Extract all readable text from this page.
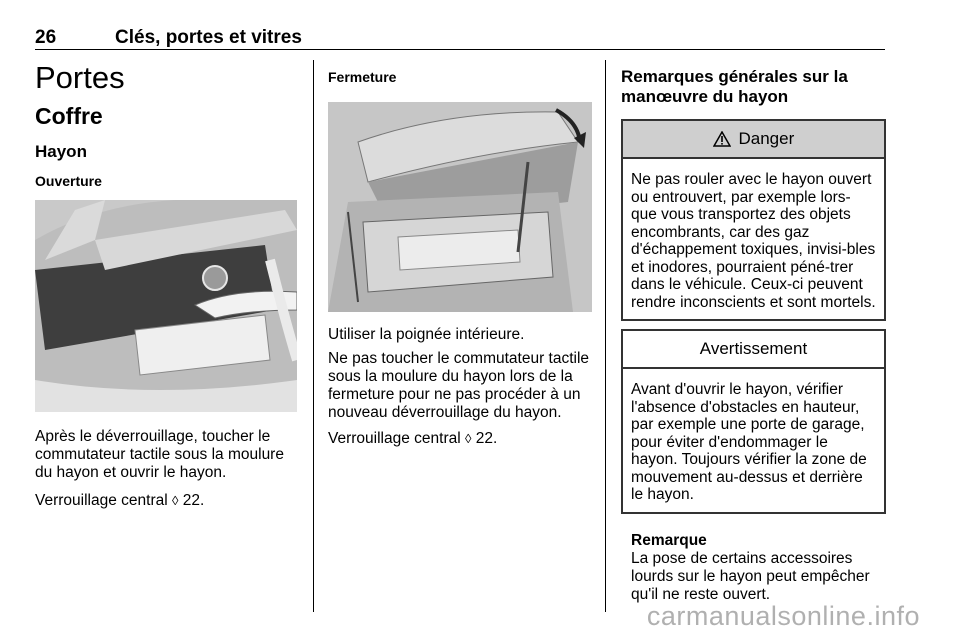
26	Clés, portes et vitres
Portes
Coffre
Hayon
Ouverture

Après le déverrouillage, toucher le commutateur tactile sous la moulure du hayon et ouvrir le hayon.

Verrouillage central ◊ 22.

Fermeture

Utiliser la poignée intérieure.

Ne pas toucher le commutateur tactile sous la moulure du hayon lors de la fermeture pour ne pas procéder à un nouveau déverrouillage du hayon.

Verrouillage central ◊ 22.

Remarques générales sur la manœuvre du hayon
Danger
Ne pas rouler avec le hayon ouvert ou entrouvert, par exemple lors-que vous transportez des objets encombrants, car des gaz d'échappement toxiques, invisi-bles et inodores, pourraient péné-trer dans le véhicule. Ceux-ci peuvent rendre inconscients et sont mortels.
Avertissement
Avant d'ouvrir le hayon, vérifier l'absence d'obstacles en hauteur, par exemple une porte de garage, pour éviter d'endommager le hayon. Toujours vérifier la zone de mouvement au-dessus et derrière le hayon.
Remarque
La pose de certains accessoires lourds sur le hayon peut empêcher qu'il ne reste ouvert.
carmanualsonline.info
